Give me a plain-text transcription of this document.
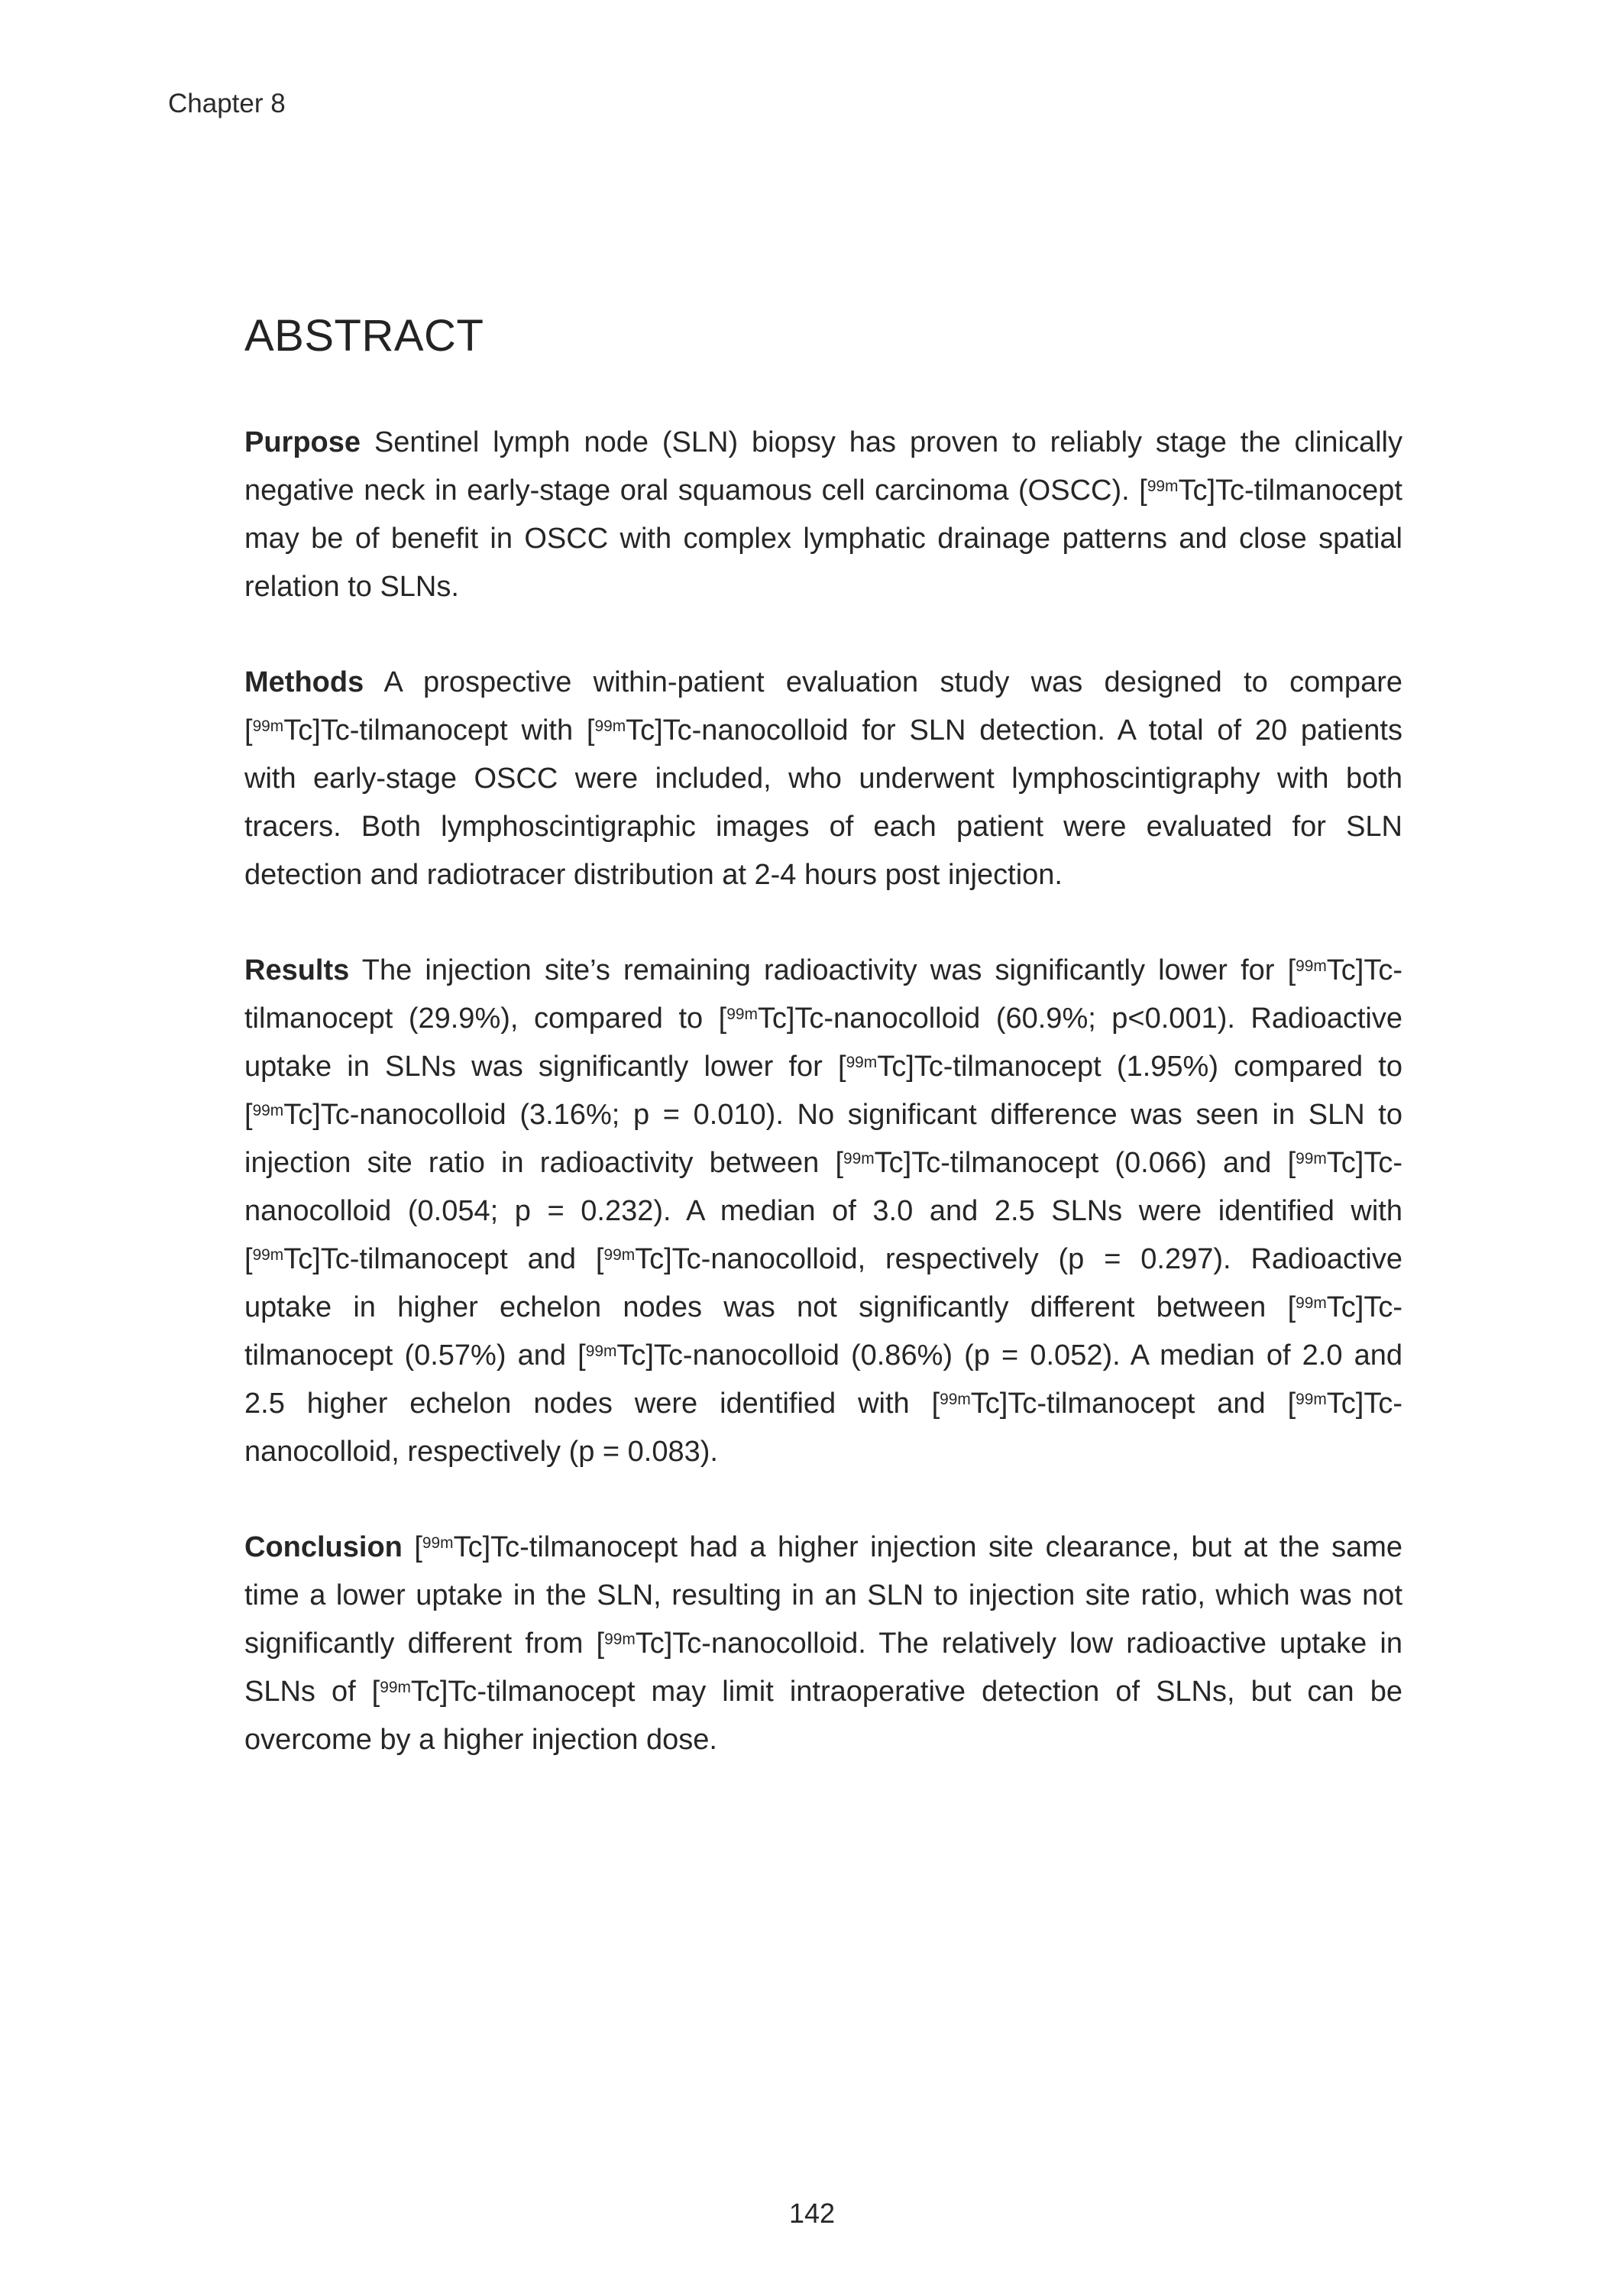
Chapter 8
ABSTRACT

Purpose Sentinel lymph node (SLN) biopsy has proven to reliably stage the clinically negative neck in early-stage oral squamous cell carcinoma (OSCC). [$^{99m}$Tc]Tc-tilmanocept may be of benefit in OSCC with complex lymphatic drainage patterns and close spatial relation to SLNs.

Methods A prospective within-patient evaluation study was designed to compare [$^{99m}$Tc]Tc-tilmanocept with [$^{99m}$Tc]Tc-nanocolloid for SLN detection. A total of 20 patients with early-stage OSCC were included, who underwent lymphoscintigraphy with both tracers. Both lymphoscintigraphic images of each patient were evaluated for SLN detection and radiotracer distribution at 2-4 hours post injection.

Results The injection site’s remaining radioactivity was significantly lower for [$^{99m}$Tc]Tc-tilmanocept (29.9%), compared to [$^{99m}$Tc]Tc-nanocolloid (60.9%; p<0.001). Radioactive uptake in SLNs was significantly lower for [$^{99m}$Tc]Tc-tilmanocept (1.95%) compared to [$^{99m}$Tc]Tc-nanocolloid (3.16%; p = 0.010). No significant difference was seen in SLN to injection site ratio in radioactivity between [$^{99m}$Tc]Tc-tilmanocept (0.066) and [$^{99m}$Tc]Tc-nanocolloid (0.054; p = 0.232). A median of 3.0 and 2.5 SLNs were identified with [$^{99m}$Tc]Tc-tilmanocept and [$^{99m}$Tc]Tc-nanocolloid, respectively (p = 0.297). Radioactive uptake in higher echelon nodes was not significantly different between [$^{99m}$Tc]Tc-tilmanocept (0.57%) and [$^{99m}$Tc]Tc-nanocolloid (0.86%) (p = 0.052). A median of 2.0 and 2.5 higher echelon nodes were identified with [$^{99m}$Tc]Tc-tilmanocept and [$^{99m}$Tc]Tc-nanocolloid, respectively (p = 0.083).

Conclusion [$^{99m}$Tc]Tc-tilmanocept had a higher injection site clearance, but at the same time a lower uptake in the SLN, resulting in an SLN to injection site ratio, which was not significantly different from [$^{99m}$Tc]Tc-nanocolloid. The relatively low radioactive uptake in SLNs of [$^{99m}$Tc]Tc-tilmanocept may limit intraoperative detection of SLNs, but can be overcome by a higher injection dose.

142
